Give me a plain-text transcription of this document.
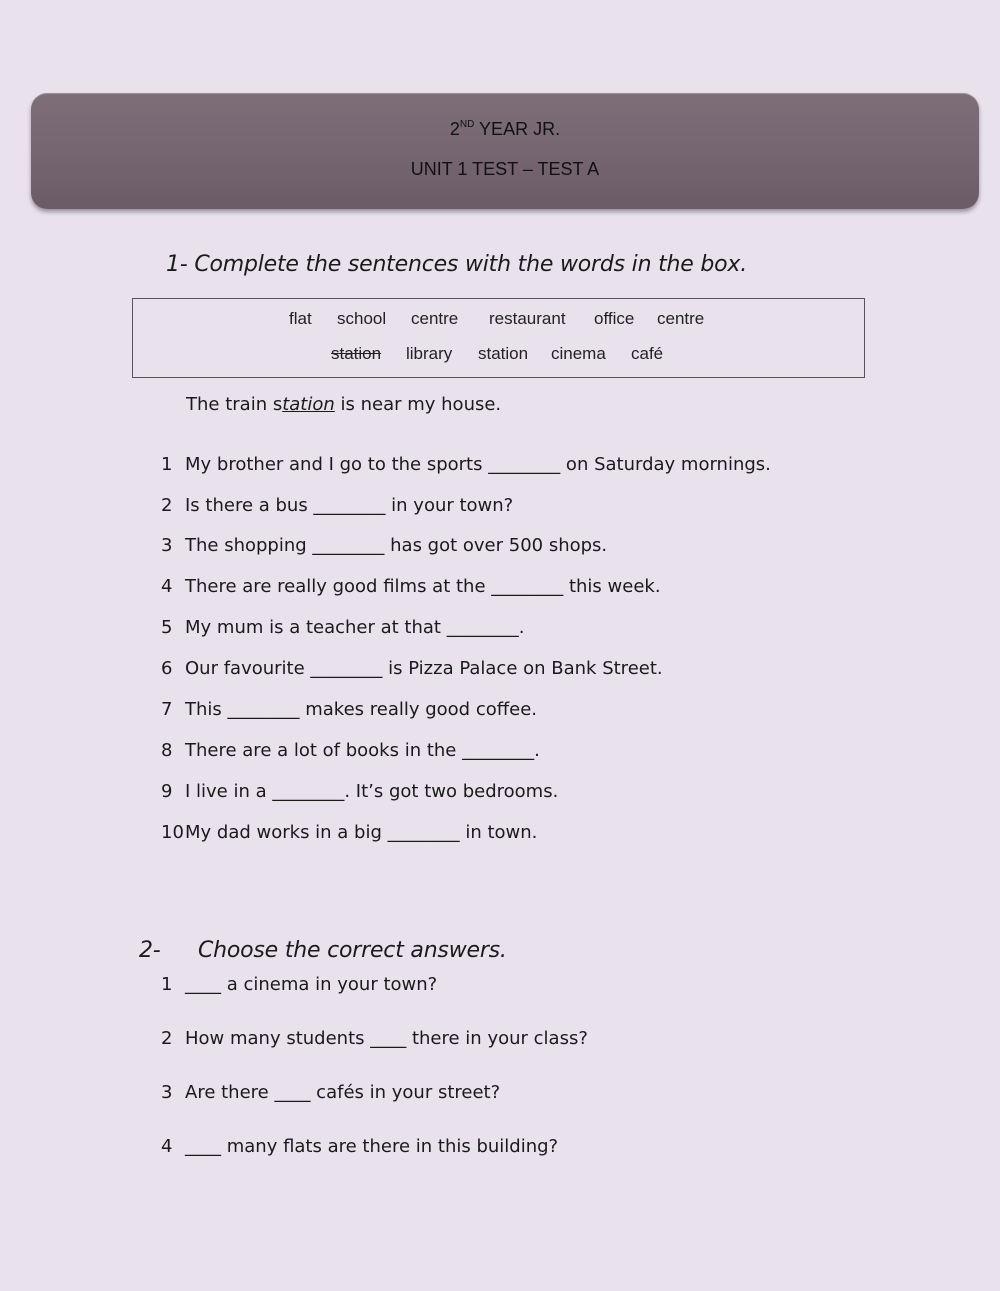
2ND YEAR JR.
UNIT 1 TEST – TEST A
1- Complete the sentences with the words in the box.
flat school centre restaurant office centre
station library station cinema café
The train station is near my house.
1 My brother and I go to the sports ________ on Saturday mornings.
2 Is there a bus ________ in your town?
3 The shopping ________ has got over 500 shops.
4 There are really good films at the ________ this week.
5 My mum is a teacher at that ________.
6 Our favourite ________ is Pizza Palace on Bank Street.
7 This ________ makes really good coffee.
8 There are a lot of books in the ________.
9 I live in a ________. It’s got two bedrooms.
10 My dad works in a big ________ in town.
2- Choose the correct answers.
1 ____ a cinema in your town?
2 How many students ____ there in your class?
3 Are there ____ cafés in your street?
4 ____ many flats are there in this building?
